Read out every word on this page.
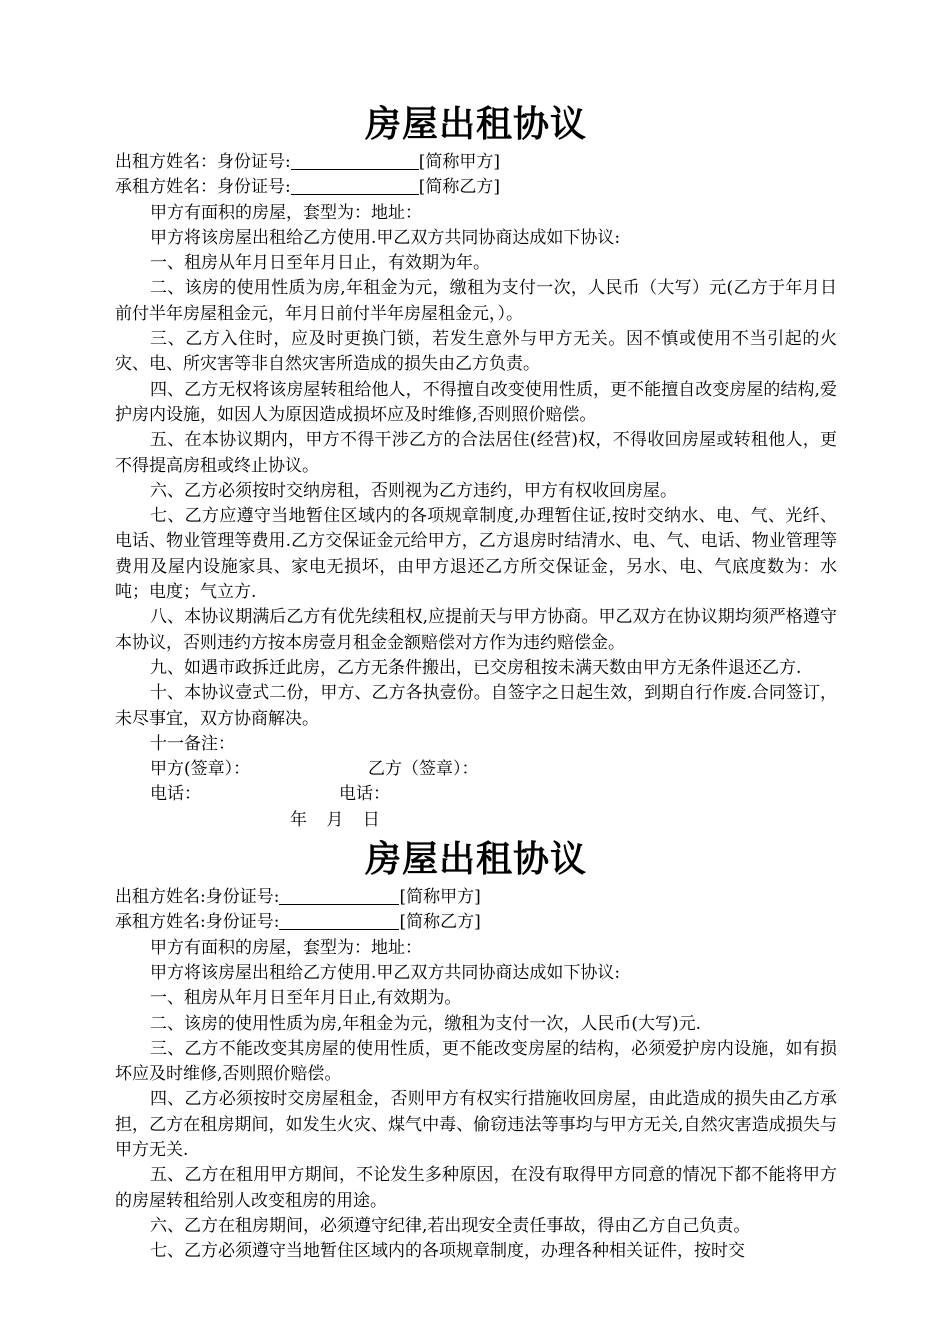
房屋出租协议

出租方姓名：身份证号:	[简称甲方]

承租方姓名：身份证号:	[简称乙方]

甲方有面积的房屋，套型为：地址：

甲方将该房屋出租给乙方使用.甲乙双方共同协商达成如下协议:

一、租房从年月日至年月日止，有效期为年。

二、该房的使用性质为房,年租金为元，缴租为支付一次，人民币（大写）元(乙方于年月日前付半年房屋租金元，年月日前付半年房屋租金元，）。

三、乙方入住时，应及时更换门锁，若发生意外与甲方无关。因不慎或使用不当引起的火灾、电、所灾害等非自然灾害所造成的损失由乙方负责。

四、乙方无权将该房屋转租给他人，不得擅自改变使用性质，更不能擅自改变房屋的结构,爱护房内设施，如因人为原因造成损坏应及时维修,否则照价赔偿。

五、在本协议期内，甲方不得干涉乙方的合法居住(经营)权，不得收回房屋或转租他人，更不得提高房租或终止协议。

六、乙方必须按时交纳房租，否则视为乙方违约，甲方有权收回房屋。

七、乙方应遵守当地暂住区域内的各项规章制度,办理暂住证,按时交纳水、电、气、光纤、电话、物业管理等费用.乙方交保证金元给甲方，乙方退房时结清水、电、气、电话、物业管理等费用及屋内设施家具、家电无损坏，由甲方退还乙方所交保证金，另水、电、气底度数为：水吨；电度；气立方.

八、本协议期满后乙方有优先续租权,应提前天与甲方协商。甲乙双方在协议期均须严格遵守本协议，否则违约方按本房壹月租金金额赔偿对方作为违约赔偿金。

九、如遇市政拆迁此房，乙方无条件搬出，已交房租按未满天数由甲方无条件退还乙方.

十、本协议壹式二份，甲方、乙方各执壹份。自签字之日起生效，到期自行作废.合同签订，未尽事宜，双方协商解决。

十一备注：

甲方(签章）：	乙方（签章）：
电话：	电话：
年 月 日
房屋出租协议

出租方姓名:身份证号:	[简称甲方]

承租方姓名:身份证号:	[简称乙方]

甲方有面积的房屋，套型为：地址：

甲方将该房屋出租给乙方使用.甲乙双方共同协商达成如下协议:

一、租房从年月日至年月日止,有效期为。

二、该房的使用性质为房,年租金为元，缴租为支付一次，人民币(大写)元.

三、乙方不能改变其房屋的使用性质，更不能改变房屋的结构，必须爱护房内设施，如有损坏应及时维修,否则照价赔偿。

四、乙方必须按时交房屋租金，否则甲方有权实行措施收回房屋，由此造成的损失由乙方承担，乙方在租房期间，如发生火灾、煤气中毒、偷窃违法等事均与甲方无关,自然灾害造成损失与甲方无关.

五、乙方在租用甲方期间，不论发生多种原因，在没有取得甲方同意的情况下都不能将甲方的房屋转租给别人改变租房的用途。

六、乙方在租房期间，必须遵守纪律,若出现安全责任事故，得由乙方自己负责。

七、乙方必须遵守当地暂住区域内的各项规章制度，办理各种相关证件，按时交
